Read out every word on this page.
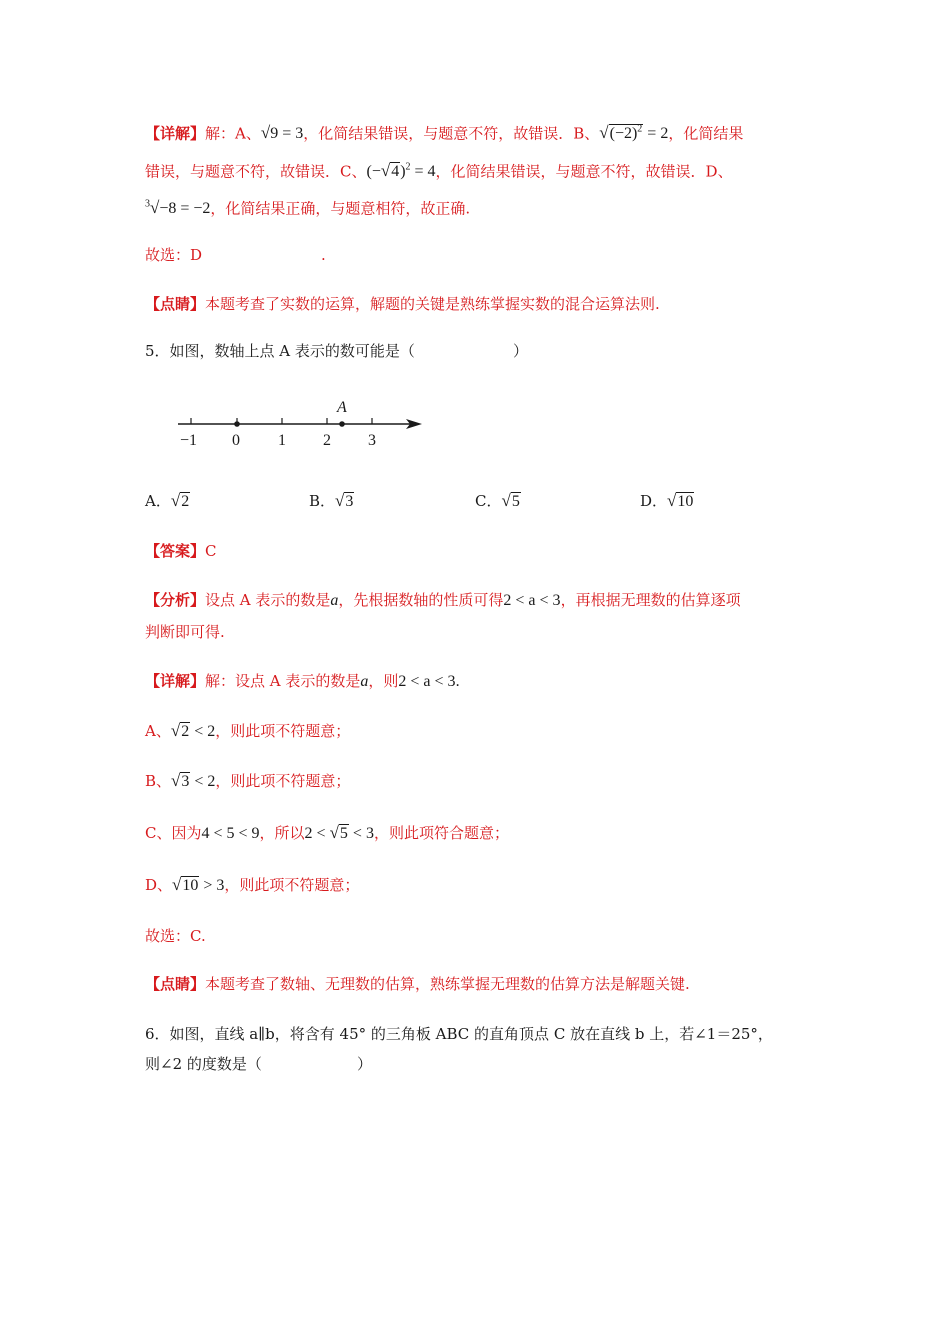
【详解】解：A、√9 = 3，化简结果错误，与题意不符，故错误．B、$√(-2)^2 = 2$，化简结果
错误，与题意不符，故错误．C、$(-√4)^2 = 4$，化简结果错误，与题意不符，故错误．D、
$^3$√−8 = −2，化简结果正确，与题意相符，故正确.
故选：D	.
【点睛】本题考查了实数的运算，解题的关键是熟练掌握实数的混合运算法则.
5．如图，数轴上点 A 表示的数可能是（	）
A
−1 0 1 2 3
A．√2	B．√3	C．√5	D．√10
【答案】C
【分析】设点 A 表示的数是a，先根据数轴的性质可得2 < a < 3，再根据无理数的估算逐项
判断即可得.
【详解】解：设点 A 表示的数是a，则2 < a < 3.
A、√2 < 2，则此项不符题意；
B、√3 < 2，则此项不符题意；
C、因为4 < 5 < 9，所以2 < √5 < 3，则此项符合题意；
D、√10 > 3，则此项不符题意；
故选：C.
【点睛】本题考查了数轴、无理数的估算，熟练掌握无理数的估算方法是解题关键.
6．如图，直线 a∥b，将含有 45° 的三角板 ABC 的直角顶点 C 放在直线 b 上，若∠1＝25°，
则∠2 的度数是（	）
